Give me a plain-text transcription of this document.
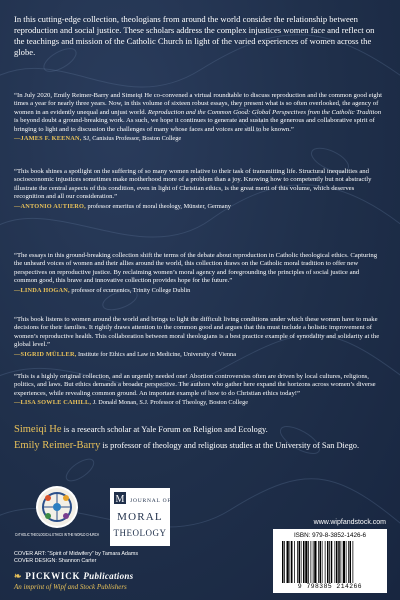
In this cutting-edge collection, theologians from around the world consider the relationship between reproduction and social justice. These scholars address the complex injustices women face and reflect on the teachings and mission of the Catholic Church in light of the varied experiences of women across the globe.

“In July 2020, Emily Reimer-Barry and Simeiqi He co-convened a virtual roundtable to discuss reproduction and the common good eight times a year for nearly three years. Now, in this volume of sixteen robust essays, they present what is so often overlooked, the agency of women in an evidently unequal and unjust world. Reproduction and the Common Good: Global Perspectives from the Catholic Tradition is beyond doubt a ground-breaking work. As such, we hope it continues to generate and sustain the generous and collaborative spirit of bringing to light and to discussion the challenges of many whose faces and voices are still to be known.”
—JAMES F. KEENAN, SJ, Canisius Professor, Boston College
“This book shines a spotlight on the suffering of so many women relative to their task of transmitting life. Structural inequalities and socioeconomic injustices sometimes make motherhood more of a problem than a joy. Knowing how to competently but not abstractly illustrate the central aspects of this condition, even in light of Christian ethics, is the great merit of this volume, which deserves recognition and all our consideration.”
—ANTONIO AUTIERO, professor emeritus of moral theology, Münster, Germany
“The essays in this ground-breaking collection shift the terms of the debate about reproduction in Catholic theological ethics. Capturing the unheard voices of women and their allies around the world, this collection draws on the Catholic moral tradition to offer new perspectives on reproductive justice. By reclaiming women’s moral agency and foregrounding the principles of social justice and common good, this brave and innovative collection provides hope for the future.”
—LINDA HOGAN, professor of ecumenics, Trinity College Dublin
“This book listens to women around the world and brings to light the difficult living conditions under which these women have to make decisions for their families. It rightly draws attention to the common good and argues that this must include a holistic improvement of women’s reproductive health. This collaboration between moral theologians is a best practice example of synodality and solidarity at the global level.”
—SIGRID MÜLLER, Institute for Ethics and Law in Medicine, University of Vienna
“This is a highly original collection, and an urgently needed one! Abortion controversies often are driven by local cultures, religions, politics, and laws. But ethics demands a broader perspective. The authors who gather here expand the horizons across women’s diverse experiences, while revealing common ground. An important example of how to do Christian ethics today!”
—LISA SOWLE CAHILL, J. Donald Monan, S.J. Professor of Theology, Boston College

Simeiqi He is a research scholar at Yale Forum on Religion and Ecology.

Emily Reimer-Barry is professor of theology and religious studies at the University of San Diego.

CATHOLIC THEOLOGICAL ETHICS IN THE WORLD CHURCH
M JOURNAL OF
MORAL
THEOLOGY
COVER ART: “Spirit of Midwifery” by Tamara Adams
COVER DESIGN: Shannon Carter
❧ PICKWICK Publications
An imprint of Wipf and Stock Publishers
www.wipfandstock.com
ISBN: 979-8-3852-1426-6
9 798385 214266
